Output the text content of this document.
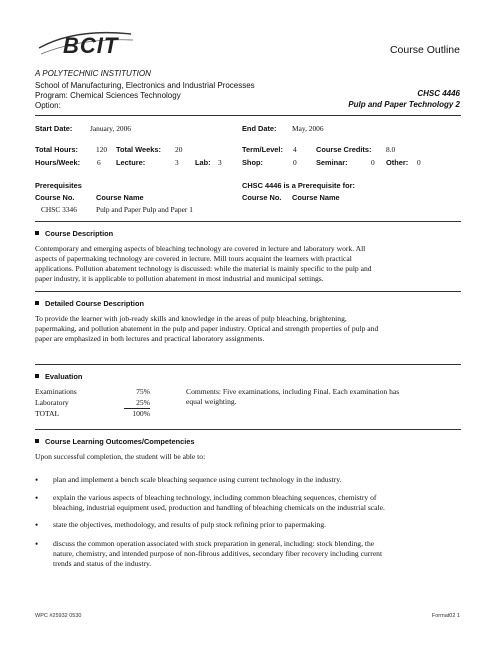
BCIT	Course Outline
A POLYTECHNIC INSTITUTION
School of Manufacturing, Electronics and Industrial Processes
Program: Chemical Sciences Technology
Option:
CHSC 4446
Pulp and Paper Technology 2
Start Date: January, 2006	End Date: May, 2006
Total Hours: 120 Total Weeks: 20	Term/Level: 4	Course Credits: 8.0
Hours/Week: 6 Lecture:	3 Lab: 3	Shop:	0	Seminar:	0 Other: 0
Prerequisites
Course No.	Course Name
CHSC 3346	Pulp and Paper Pulp and Paper 1
CHSC 4446 is a Prerequisite for:
Course No. Course Name
Course Description
Contemporary and emerging aspects of bleaching technology are covered in lecture and laboratory work. All
aspects of papermaking technology are covered in lecture. Mill tours acquaint the learners with practical
applications. Pollution abatement technology is discussed: while the material is mainly specific to the pulp and
paper industry, it is applicable to pollution abatement in most industrial and municipal settings.
Detailed Course Description
To provide the learner with job-ready skills and knowledge in the areas of pulp bleaching, brightening,
papermaking, and pollution abatement in the pulp and paper industry. Optical and strength properties of pulp and
paper are emphasized in both lectures and practical laboratory assignments.
Evaluation
Examinations	75%
Laboratory	25%
TOTAL	100%
Comments: Five examinations, including Final. Each examination has
equal weighting.
Course Learning Outcomes/Competencies
Upon successful completion, the student will be able to:
• plan and implement a bench scale bleaching sequence using current technology in the industry.
• explain the various aspects of bleaching technology, including common bleaching sequences, chemistry of
bleaching, industrial equipment used, production and handling of bleaching chemicals on the industrial scale.
• state the objectives, methodology, and results of pulp stock refining prior to papermaking.
• discuss the common operation associated with stock preparation in general, including: stock blending, the
nature, chemistry, and intended purpose of non-fibrous additives, secondary fiber recovery including current
trends and status of the industry.
WPC #25932 0530	Format02 1
